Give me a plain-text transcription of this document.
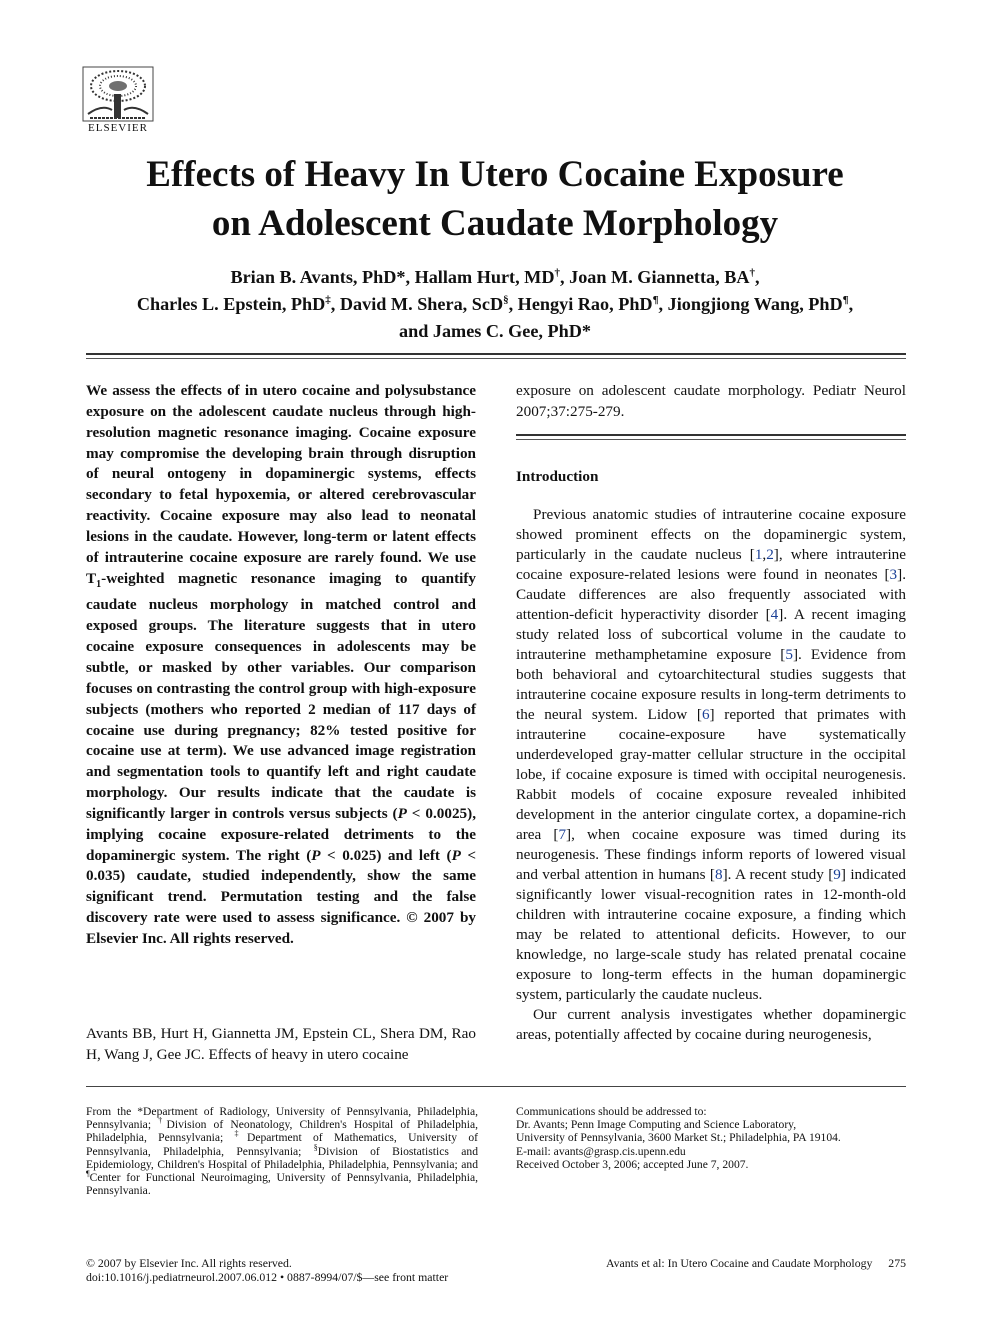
ELSEVIER
Effects of Heavy In Utero Cocaine Exposure
on Adolescent Caudate Morphology
Brian B. Avants, PhD*, Hallam Hurt, MD†, Joan M. Giannetta, BA†,
Charles L. Epstein, PhD‡, David M. Shera, ScD§, Hengyi Rao, PhD¶, Jiongjiong Wang, PhD¶,
and James C. Gee, PhD*
We assess the effects of in utero cocaine and polysubstance exposure on the adolescent caudate nucleus through high-resolution magnetic resonance imaging. Cocaine exposure may compromise the developing brain through disruption of neural ontogeny in dopaminergic systems, effects secondary to fetal hypoxemia, or altered cerebrovascular reactivity. Cocaine exposure may also lead to neonatal lesions in the caudate. However, long-term or latent effects of intrauterine cocaine exposure are rarely found. We use $T_1$-weighted magnetic resonance imaging to quantify caudate nucleus morphology in matched control and exposed groups. The literature suggests that in utero cocaine exposure consequences in adolescents may be subtle, or masked by other variables. Our comparison focuses on contrasting the control group with high-exposure subjects (mothers who reported 2 median of 117 days of cocaine use during pregnancy; 82% tested positive for cocaine use at term). We use advanced image registration and segmentation tools to quantify left and right caudate morphology. Our results indicate that the caudate is significantly larger in controls versus subjects (P < 0.0025), implying cocaine exposure-related detriments to the dopaminergic system. The right (P < 0.025) and left (P < 0.035) caudate, studied independently, show the same significant trend. Permutation testing and the false discovery rate were used to assess significance. © 2007 by Elsevier Inc. All rights reserved.
Avants BB, Hurt H, Giannetta JM, Epstein CL, Shera DM, Rao H, Wang J, Gee JC. Effects of heavy in utero cocaine
exposure on adolescent caudate morphology. Pediatr Neurol 2007;37:275-279.
Introduction

Previous anatomic studies of intrauterine cocaine exposure showed prominent effects on the dopaminergic system, particularly in the caudate nucleus [1,2], where intrauterine cocaine exposure-related lesions were found in neonates [3]. Caudate differences are also frequently associated with attention-deficit hyperactivity disorder [4]. A recent imaging study related loss of subcortical volume in the caudate to intrauterine methamphetamine exposure [5]. Evidence from both behavioral and cytoarchitectural studies suggests that intrauterine cocaine exposure results in long-term detriments to the neural system. Lidow [6] reported that primates with intrauterine cocaine-exposure have systematically underdeveloped gray-matter cellular structure in the occipital lobe, if cocaine exposure is timed with occipital neurogenesis. Rabbit models of cocaine exposure revealed inhibited development in the anterior cingulate cortex, a dopamine-rich area [7], when cocaine exposure was timed during its neurogenesis. These findings inform reports of lowered visual and verbal attention in humans [8]. A recent study [9] indicated significantly lower visual-recognition rates in 12-month-old children with intrauterine cocaine exposure, a finding which may be related to attentional deficits. However, to our knowledge, no large-scale study has related prenatal cocaine exposure to long-term effects in the human dopaminergic system, particularly the caudate nucleus.

Our current analysis investigates whether dopaminergic areas, potentially affected by cocaine during neurogenesis,

From the *Department of Radiology, University of Pennsylvania, Philadelphia, Pennsylvania; †Division of Neonatology, Children's Hospital of Philadelphia, Philadelphia, Pennsylvania; ‡Department of Mathematics, University of Pennsylvania, Philadelphia, Pennsylvania; §Division of Biostatistics and Epidemiology, Children's Hospital of Philadelphia, Philadelphia, Pennsylvania; and ¶Center for Functional Neuroimaging, University of Pennsylvania, Philadelphia, Pennsylvania.
Communications should be addressed to:
Dr. Avants; Penn Image Computing and Science Laboratory,
University of Pennsylvania, 3600 Market St.; Philadelphia, PA 19104.
E-mail: avants@grasp.cis.upenn.edu
Received October 3, 2006; accepted June 7, 2007.
© 2007 by Elsevier Inc. All rights reserved.
doi:10.1016/j.pediatrneurol.2007.06.012 • 0887-8994/07/$—see front matter
Avants et al: In Utero Cocaine and Caudate Morphology 275
